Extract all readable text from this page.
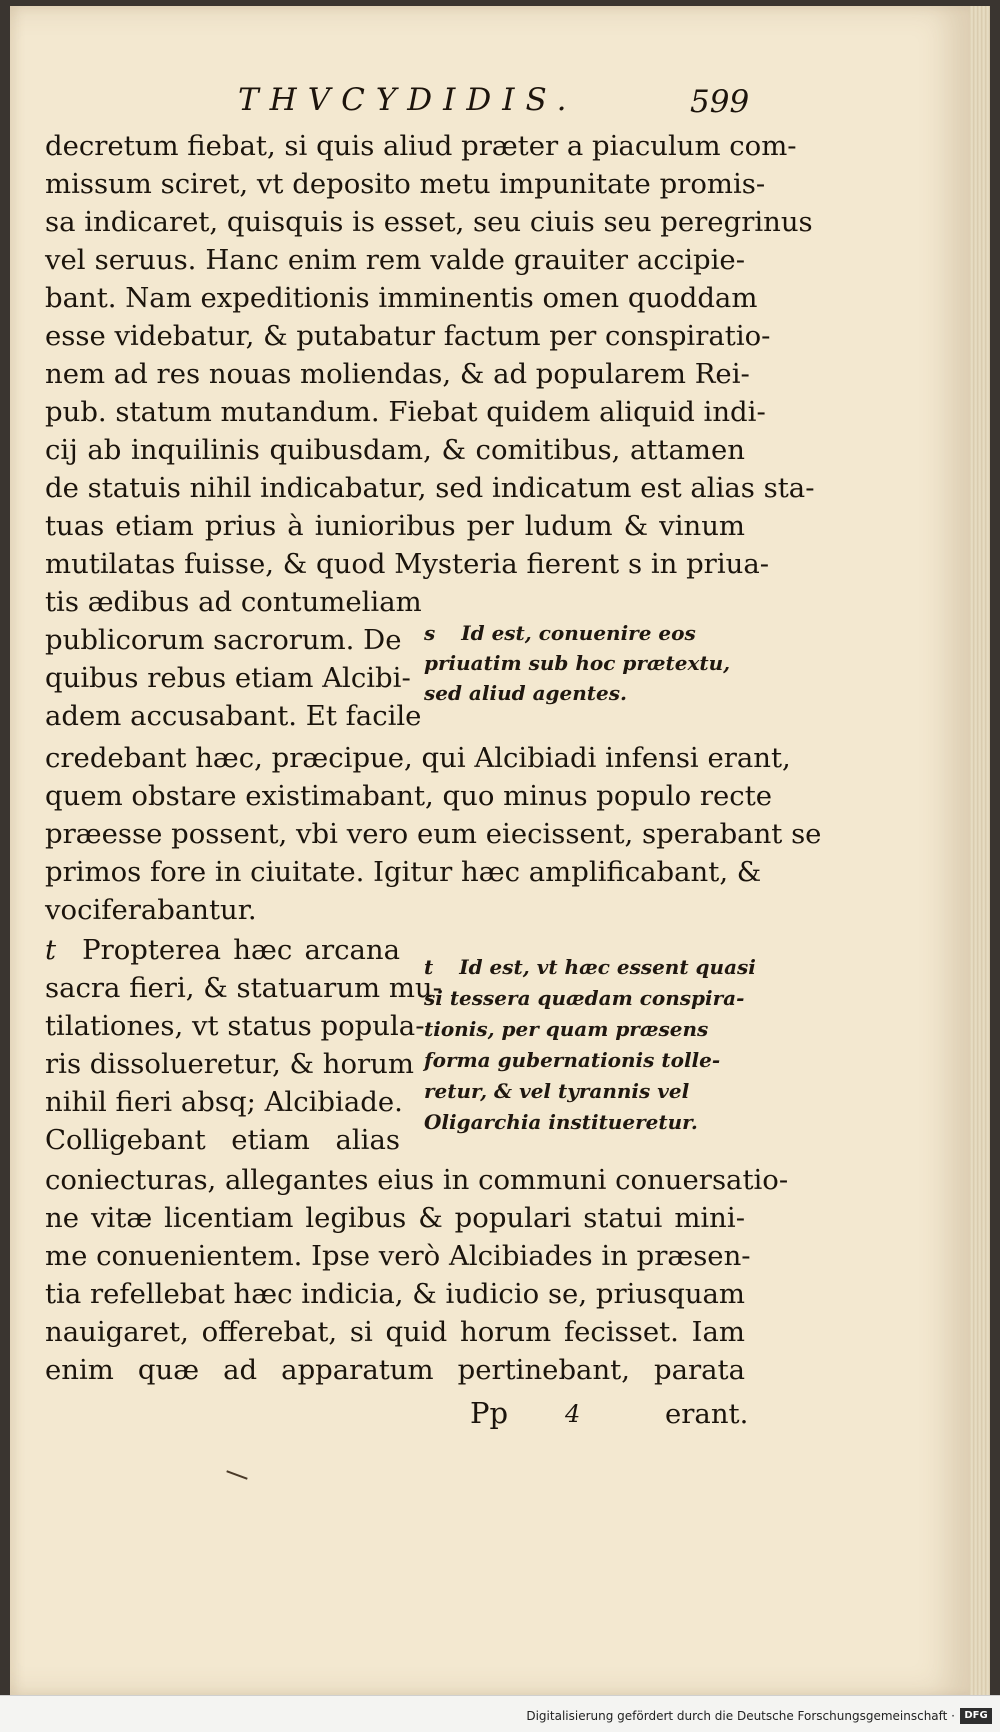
THVCYDIDIS.	599

decretum fiebat, si quis aliud præter a piaculum com-

missum sciret, vt deposito metu impunitate promis-

sa indicaret, quisquis is esset, seu ciuis seu peregrinus

vel seruus. Hanc enim rem valde grauiter accipie-

bant. Nam expeditionis imminentis omen quoddam

esse videbatur, & putabatur factum per conspiratio-

nem ad res nouas moliendas, & ad popularem Rei-

pub. statum mutandum. Fiebat quidem aliquid indi-

cij ab inquilinis quibusdam, & comitibus, attamen

de statuis nihil indicabatur, sed indicatum est alias sta-

tuas etiam prius à iunioribus per ludum & vinum

mutilatas fuisse, & quod Mysteria fierent s in priua-

tis ædibus ad contumeliam

publicorum sacrorum. De

quibus rebus etiam Alcibi-

adem accusabant. Et facile

s Id est, conuenire eos

priuatim sub hoc prætextu,

sed aliud agentes.

credebant hæc, præcipue, qui Alcibiadi infensi erant,

quem obstare existimabant, quo minus populo recte

præesse possent, vbi vero eum eiecissent, sperabant se

primos fore in ciuitate. Igitur hæc amplificabant, &

vociferabantur.

t Propterea hæc arcana

sacra fieri, & statuarum mu-

tilationes, vt status popula-

ris dissolueretur, & horum

nihil fieri absq; Alcibiade.

Colligebant etiam alias

t Id est, vt hæc essent quasi

si tessera quædam conspira-

tionis, per quam præsens

forma gubernationis tolle-

retur, & vel tyrannis vel

Oligarchia institueretur.

coniecturas, allegantes eius in communi conuersatio-

ne vitæ licentiam legibus & populari statui mini-

me conuenientem. Ipse verò Alcibiades in præsen-

tia refellebat hæc indicia, & iudicio se, priusquam

nauigaret, offerebat, si quid horum fecisset. Iam

enim quæ ad apparatum pertinebant, parata

Pp 4	erant.
Digitalisierung gefördert durch die Deutsche Forschungsgemeinschaft · DFG
